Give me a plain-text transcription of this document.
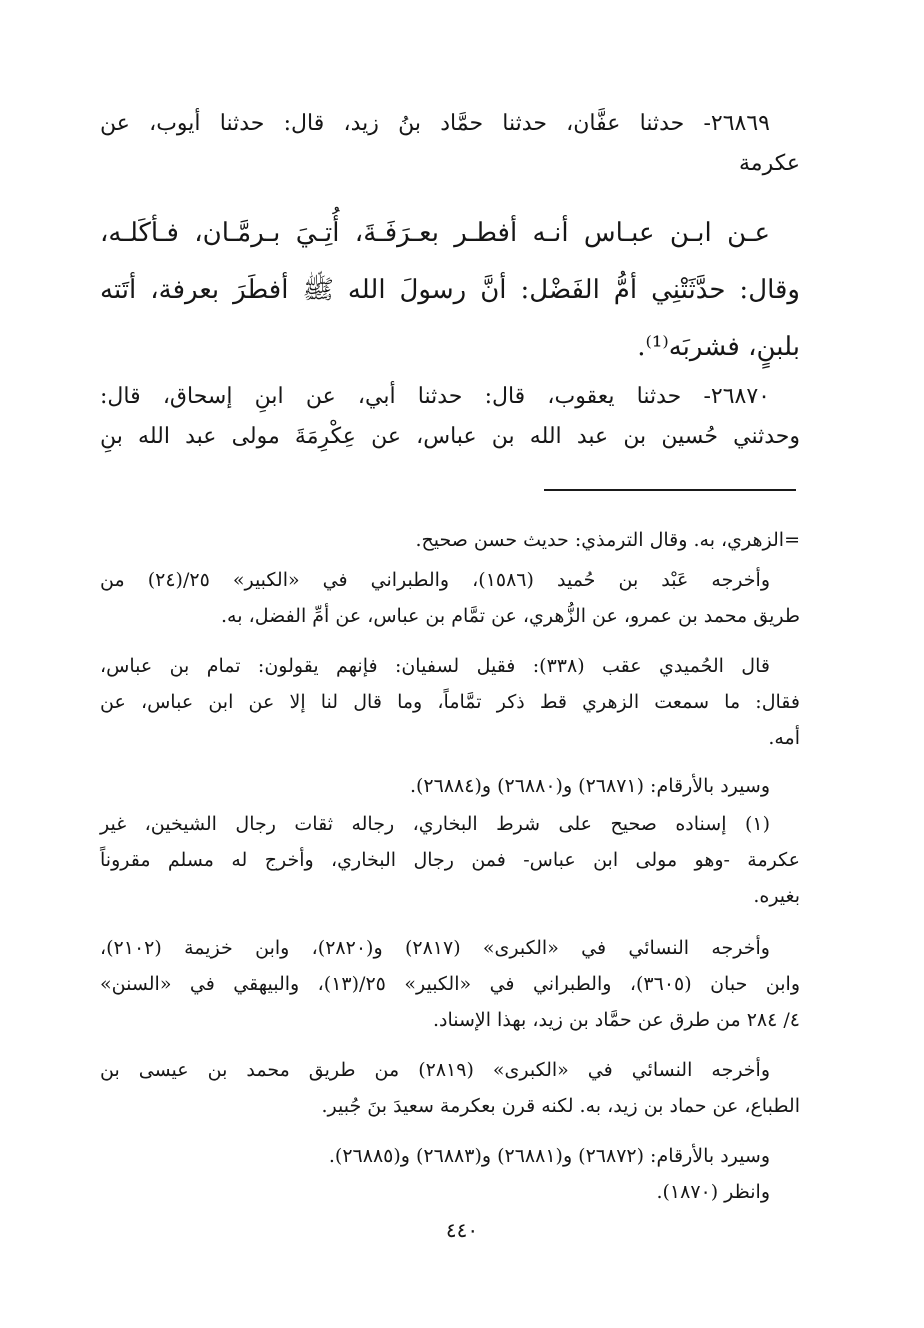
٢٦٨٦٩- حدثنا عفَّان، حدثنا حمَّاد بنُ زيد، قال: حدثنا أيوب، عن
عكرمة
عـن ابـن عبـاس أنـه أفطـر بعـرَفَـةَ، أُتِـيَ بـرمَّـان، فـأكَلـه،
وقال: حدَّثَتْنِي أمُّ الفَضْل: أنَّ رسولَ الله ﷺ أفطَرَ بعرفة، أتَته
بلبنٍ، فشربَه⁽¹⁾.
٢٦٨٧٠- حدثنا يعقوب، قال: حدثنا أبي، عن ابنِ إسحاق، قال:
وحدثني حُسين بن عبد الله بن عباس، عن عِكْرِمَةَ مولى عبد الله بنِ
=الزهري، به. وقال الترمذي: حديث حسن صحيح.
وأخرجه عَبْد بن حُميد (١٥٨٦)، والطبراني في «الكبير» ٢٥/(٢٤) من
طريق محمد بن عمرو، عن الزُّهري، عن تمَّام بن عباس، عن أمِّ الفضل، به.
قال الحُميدي عقب (٣٣٨): فقيل لسفيان: فإنهم يقولون: تمام بن عباس،
فقال: ما سمعت الزهري قط ذكر تمَّاماً، وما قال لنا إلا عن ابن عباس، عن
أمه.
وسيرد بالأرقام: (٢٦٨٧١) و(٢٦٨٨٠) و(٢٦٨٨٤).
(١) إسناده صحيح على شرط البخاري، رجاله ثقات رجال الشيخين، غير
عكرمة -وهو مولى ابن عباس- فمن رجال البخاري، وأخرج له مسلم مقروناً
بغيره.
وأخرجه النسائي في «الكبرى» (٢٨١٧) و(٢٨٢٠)، وابن خزيمة (٢١٠٢)،
وابن حبان (٣٦٠٥)، والطبراني في «الكبير» ٢٥/(١٣)، والبيهقي في «السنن»
٤/ ٢٨٤ من طرق عن حمَّاد بن زيد، بهذا الإسناد.
وأخرجه النسائي في «الكبرى» (٢٨١٩) من طريق محمد بن عيسى بن
الطباع، عن حماد بن زيد، به. لكنه قرن بعكرمة سعيدَ بنَ جُبير.
وسيرد بالأرقام: (٢٦٨٧٢) و(٢٦٨٨١) و(٢٦٨٨٣) و(٢٦٨٨٥).
وانظر (١٨٧٠).
٤٤٠
